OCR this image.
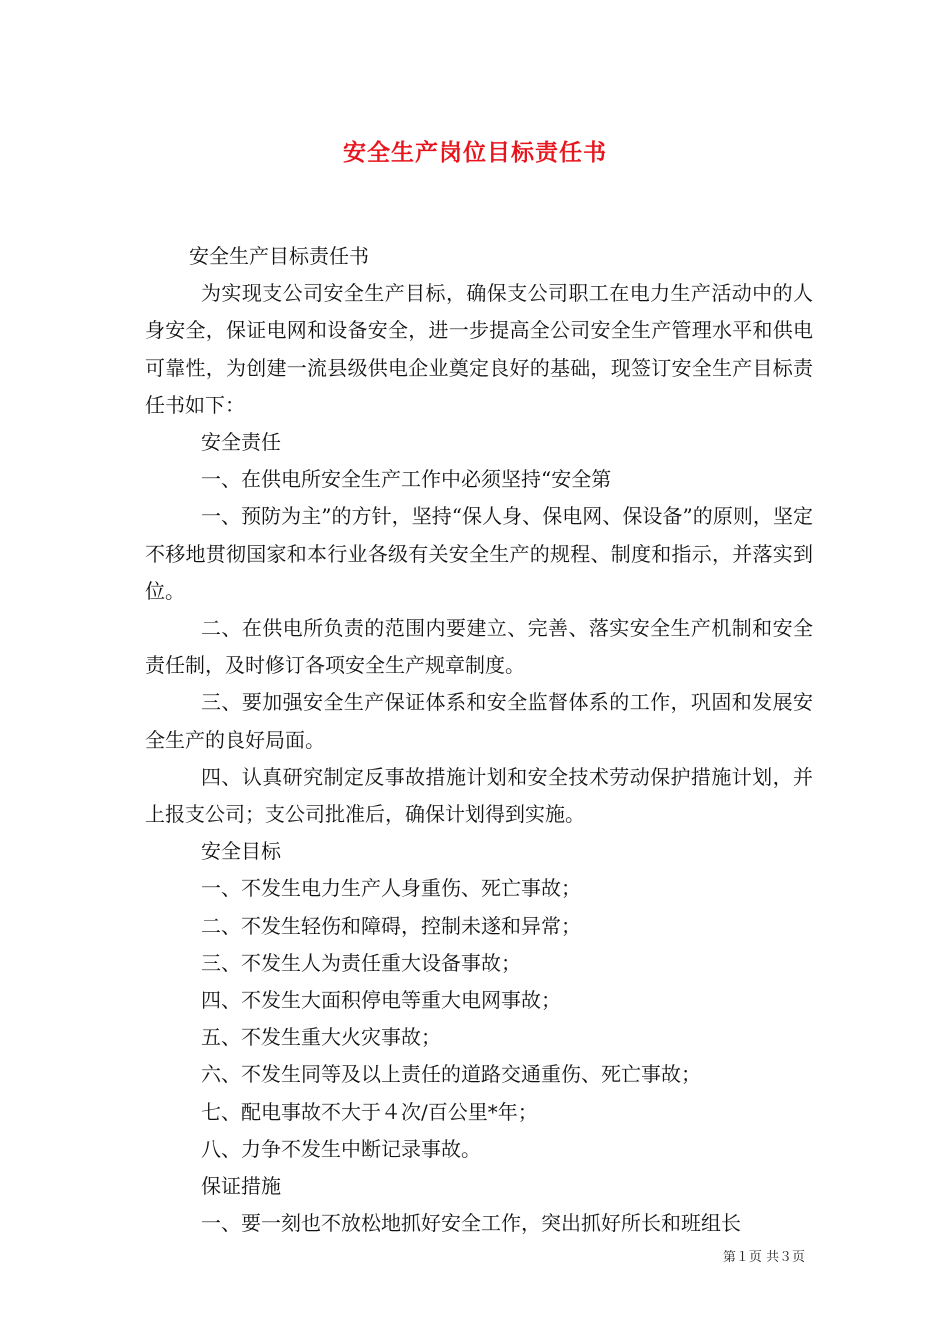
安全生产岗位目标责任书

安全生产目标责任书

为实现支公司安全生产目标，确保支公司职工在电力生产活动中的人身安全，保证电网和设备安全，进一步提高全公司安全生产管理水平和供电可靠性，为创建一流县级供电企业奠定良好的基础，现签订安全生产目标责任书如下：

安全责任

一、在供电所安全生产工作中必须坚持“安全第

一、预防为主”的方针，坚持“保人身、保电网、保设备”的原则，坚定不移地贯彻国家和本行业各级有关安全生产的规程、制度和指示，并落实到位。

二、在供电所负责的范围内要建立、完善、落实安全生产机制和安全责任制，及时修订各项安全生产规章制度。

三、要加强安全生产保证体系和安全监督体系的工作，巩固和发展安全生产的良好局面。

四、认真研究制定反事故措施计划和安全技术劳动保护措施计划，并上报支公司；支公司批准后，确保计划得到实施。

安全目标

一、不发生电力生产人身重伤、死亡事故；

二、不发生轻伤和障碍，控制未遂和异常；

三、不发生人为责任重大设备事故；

四、不发生大面积停电等重大电网事故；

五、不发生重大火灾事故；

六、不发生同等及以上责任的道路交通重伤、死亡事故；

七、配电事故不大于４次/百公里*年；

八、力争不发生中断记录事故。

保证措施

一、要一刻也不放松地抓好安全工作，突出抓好所长和班组长

第１页 共３页
